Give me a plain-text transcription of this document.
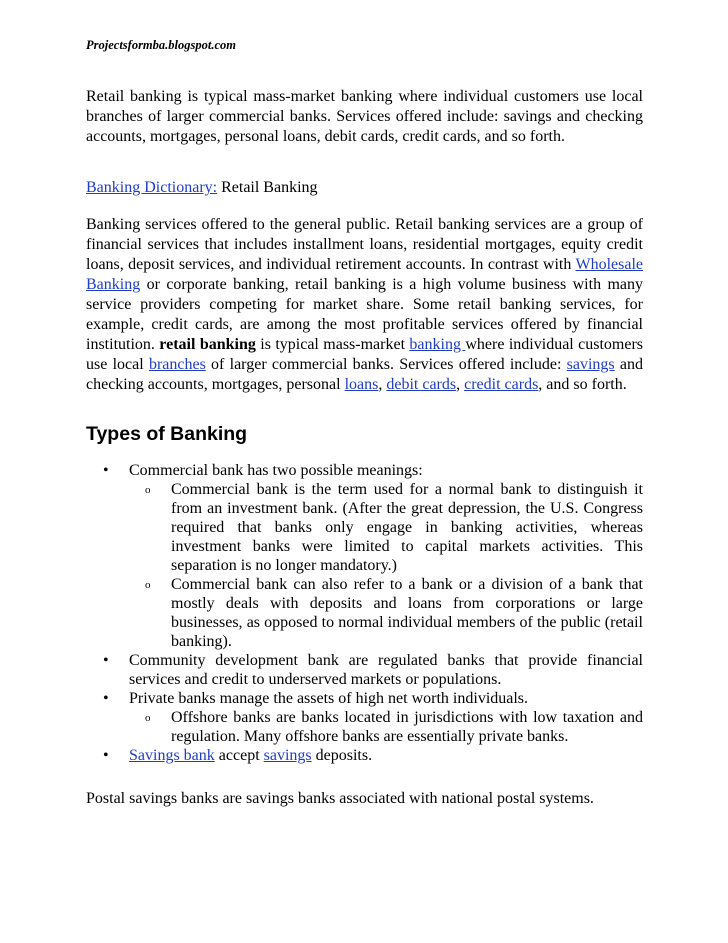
Projectsformba.blogspot.com

Retail banking is typical mass-market banking where individual customers use local branches of larger commercial banks. Services offered include: savings and checking accounts, mortgages, personal loans, debit cards, credit cards, and so forth.

Banking Dictionary: Retail Banking

Banking services offered to the general public. Retail banking services are a group of financial services that includes installment loans, residential mortgages, equity credit loans, deposit services, and individual retirement accounts. In contrast with Wholesale Banking or corporate banking, retail banking is a high volume business with many service providers competing for market share. Some retail banking services, for example, credit cards, are among the most profitable services offered by financial institution. retail banking is typical mass-market banking where individual customers use local branches of larger commercial banks. Services offered include: savings and checking accounts, mortgages, personal loans, debit cards, credit cards, and so forth.

Types of Banking
• Commercial bank has two possible meanings:
o Commercial bank is the term used for a normal bank to distinguish it from an investment bank. (After the great depression, the U.S. Congress required that banks only engage in banking activities, whereas investment banks were limited to capital markets activities. This separation is no longer mandatory.)
o Commercial bank can also refer to a bank or a division of a bank that mostly deals with deposits and loans from corporations or large businesses, as opposed to normal individual members of the public (retail banking).
• Community development bank are regulated banks that provide financial services and credit to underserved markets or populations.
• Private banks manage the assets of high net worth individuals.
o Offshore banks are banks located in jurisdictions with low taxation and regulation. Many offshore banks are essentially private banks.
• Savings bank accept savings deposits.

Postal savings banks are savings banks associated with national postal systems.
